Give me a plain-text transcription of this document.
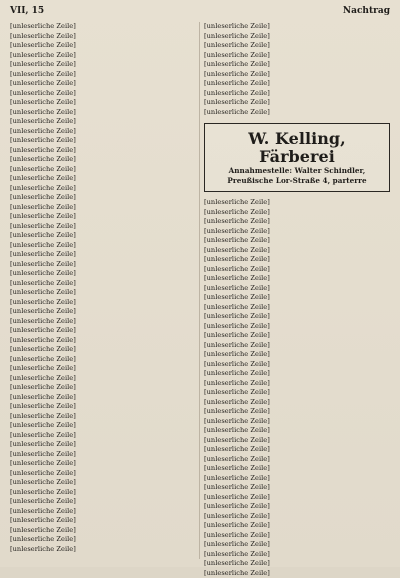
VII, 15	Nachtrag
[unleserliche Zeile]
[unleserliche Zeile]
[unleserliche Zeile]
[unleserliche Zeile]
[unleserliche Zeile]
[unleserliche Zeile]
[unleserliche Zeile]
[unleserliche Zeile]
[unleserliche Zeile]
[unleserliche Zeile]
[unleserliche Zeile]
[unleserliche Zeile]
[unleserliche Zeile]
[unleserliche Zeile]
[unleserliche Zeile]
[unleserliche Zeile]
[unleserliche Zeile]
[unleserliche Zeile]
[unleserliche Zeile]
[unleserliche Zeile]
[unleserliche Zeile]
[unleserliche Zeile]
[unleserliche Zeile]
[unleserliche Zeile]
[unleserliche Zeile]
[unleserliche Zeile]
[unleserliche Zeile]
[unleserliche Zeile]
[unleserliche Zeile]
[unleserliche Zeile]
[unleserliche Zeile]
[unleserliche Zeile]
[unleserliche Zeile]
[unleserliche Zeile]
[unleserliche Zeile]
[unleserliche Zeile]
[unleserliche Zeile]
[unleserliche Zeile]
[unleserliche Zeile]
[unleserliche Zeile]
[unleserliche Zeile]
[unleserliche Zeile]
[unleserliche Zeile]
[unleserliche Zeile]
[unleserliche Zeile]
[unleserliche Zeile]
[unleserliche Zeile]
[unleserliche Zeile]
[unleserliche Zeile]
[unleserliche Zeile]
[unleserliche Zeile]
[unleserliche Zeile]
[unleserliche Zeile]
[unleserliche Zeile]
[unleserliche Zeile]
[unleserliche Zeile]
[unleserliche Zeile]
[unleserliche Zeile]
[unleserliche Zeile]
[unleserliche Zeile]
[unleserliche Zeile]
[unleserliche Zeile]
[unleserliche Zeile]
[unleserliche Zeile]
[unleserliche Zeile]
[unleserliche Zeile]
W. Kelling, Färberei
Annahmestelle: Walter Schindler,
Preußische Lor-Straße 4, parterre
[unleserliche Zeile]
[unleserliche Zeile]
[unleserliche Zeile]
[unleserliche Zeile]
[unleserliche Zeile]
[unleserliche Zeile]
[unleserliche Zeile]
[unleserliche Zeile]
[unleserliche Zeile]
[unleserliche Zeile]
[unleserliche Zeile]
[unleserliche Zeile]
[unleserliche Zeile]
[unleserliche Zeile]
[unleserliche Zeile]
[unleserliche Zeile]
[unleserliche Zeile]
[unleserliche Zeile]
[unleserliche Zeile]
[unleserliche Zeile]
[unleserliche Zeile]
[unleserliche Zeile]
[unleserliche Zeile]
[unleserliche Zeile]
[unleserliche Zeile]
[unleserliche Zeile]
[unleserliche Zeile]
[unleserliche Zeile]
[unleserliche Zeile]
[unleserliche Zeile]
[unleserliche Zeile]
[unleserliche Zeile]
[unleserliche Zeile]
[unleserliche Zeile]
[unleserliche Zeile]
[unleserliche Zeile]
[unleserliche Zeile]
[unleserliche Zeile]
[unleserliche Zeile]
[unleserliche Zeile]
